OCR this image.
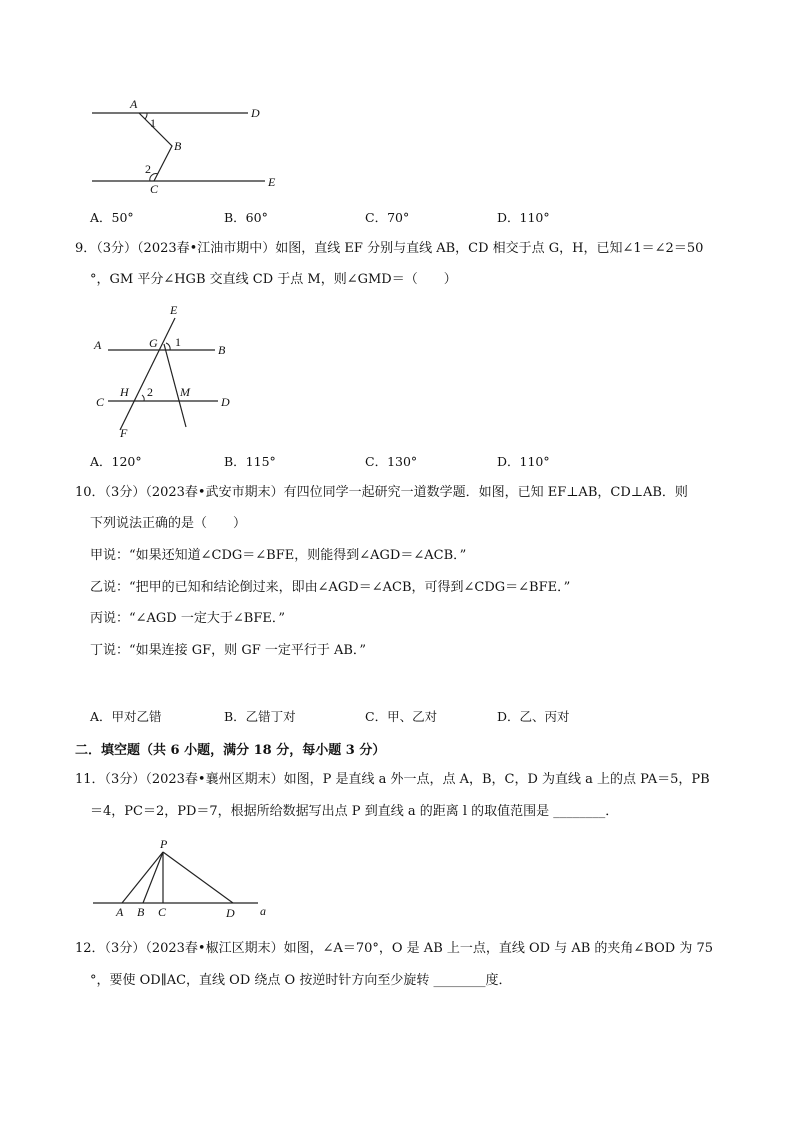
A
D
1
B
2
C	E
A．50°	B．60°	C．70°	D．110°
9．（3分）（2023春•江油市期中）如图，直线 EF 分别与直线 AB，CD 相交于点 G，H，已知∠1＝∠2＝50
°，GM 平分∠HGB 交直线 CD 于点 M，则∠GMD＝（　　）
E
A	G 1
B
H 2 M
C	D
F
A．120°	B．115°	C．130°	D．110°
10．（3分）（2023春•武安市期末）有四位同学一起研究一道数学题．如图，已知 EF⊥AB，CD⊥AB．则
下列说法正确的是（　　）
甲说：“如果还知道∠CDG＝∠BFE，则能得到∠AGD＝∠ACB．”
乙说：“把甲的已知和结论倒过来，即由∠AGD＝∠ACB，可得到∠CDG＝∠BFE．”
丙说：“∠AGD 一定大于∠BFE．”
丁说：“如果连接 GF，则 GF 一定平行于 AB．”
A．甲对乙错	B．乙错丁对	C．甲、乙对	D．乙、丙对
二．填空题（共 6 小题，满分 18 分，每小题 3 分）
11．（3分）（2023春•襄州区期末）如图，P 是直线 a 外一点，点 A，B，C，D 为直线 a 上的点 PA＝5，PB
＝4，PC＝2，PD＝7，根据所给数据写出点 P 到直线 a 的距离 l 的取值范围是 ________．
P
A B C	D a
12．（3分）（2023春•椒江区期末）如图，∠A＝70°，O 是 AB 上一点，直线 OD 与 AB 的夹角∠BOD 为 75
°，要使 OD∥AC，直线 OD 绕点 O 按逆时针方向至少旋转 ________度．
